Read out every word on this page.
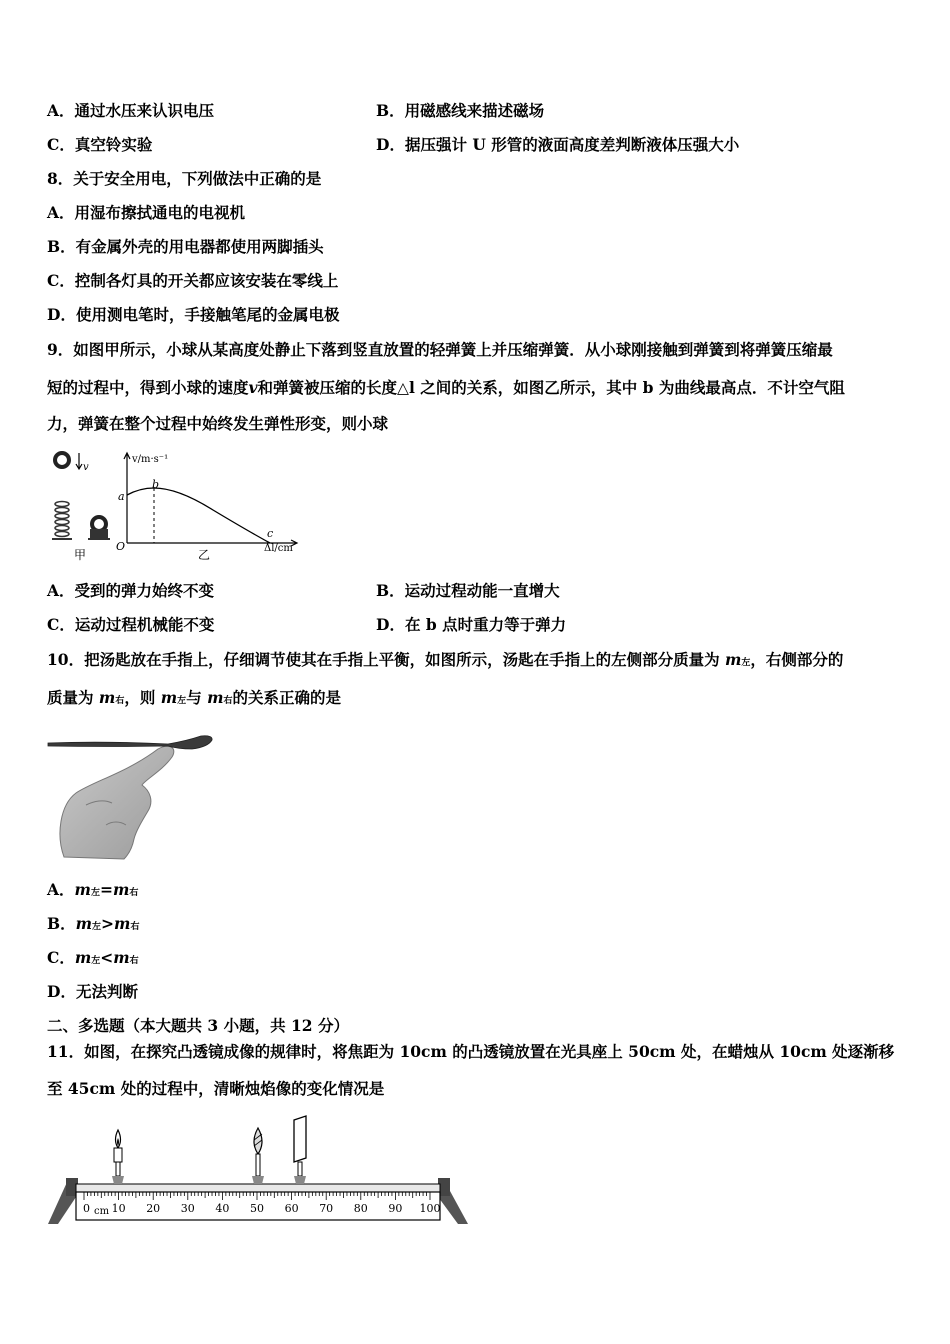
A．通过水压来认识电压	B．用磁感线来描述磁场
C．真空铃实验	D．据压强计 U 形管的液面高度差判断液体压强大小
8．关于安全用电，下列做法中正确的是
A．用湿布擦拭通电的电视机
B．有金属外壳的用电器都使用两脚插头
C．控制各灯具的开关都应该安装在零线上
D．使用测电笔时，手接触笔尾的金属电极
9．如图甲所示，小球从某高度处静止下落到竖直放置的轻弹簧上并压缩弹簧．从小球刚接触到弹簧到将弹簧压缩最
短的过程中，得到小球的速度v和弹簧被压缩的长度△l 之间的关系，如图乙所示，其中 b 为曲线最高点．不计空气阻
力，弹簧在整个过程中始终发生弹性形变，则小球
v
甲
v/m·s⁻¹
O
a
b
c
Δl/cm
乙
A．受到的弹力始终不变	B．运动过程动能一直增大
C．运动过程机械能不变	D．在 b 点时重力等于弹力
10．把汤匙放在手指上，仔细调节使其在手指上平衡，如图所示，汤匙在手指上的左侧部分质量为 m左，右侧部分的
质量为 m右，则 m左与 m右的关系正确的是
A．m左=m右
B．m左>m右
C．m左<m右
D．无法判断
二、多选题（本大题共 3 小题，共 12 分）
11．如图，在探究凸透镜成像的规律时，将焦距为 10cm 的凸透镜放置在光具座上 50cm 处，在蜡烛从 10cm 处逐渐移
至 45cm 处的过程中，清晰烛焰像的变化情况是
0 10 20 30 40 50 60 70 80 90 100
cm
